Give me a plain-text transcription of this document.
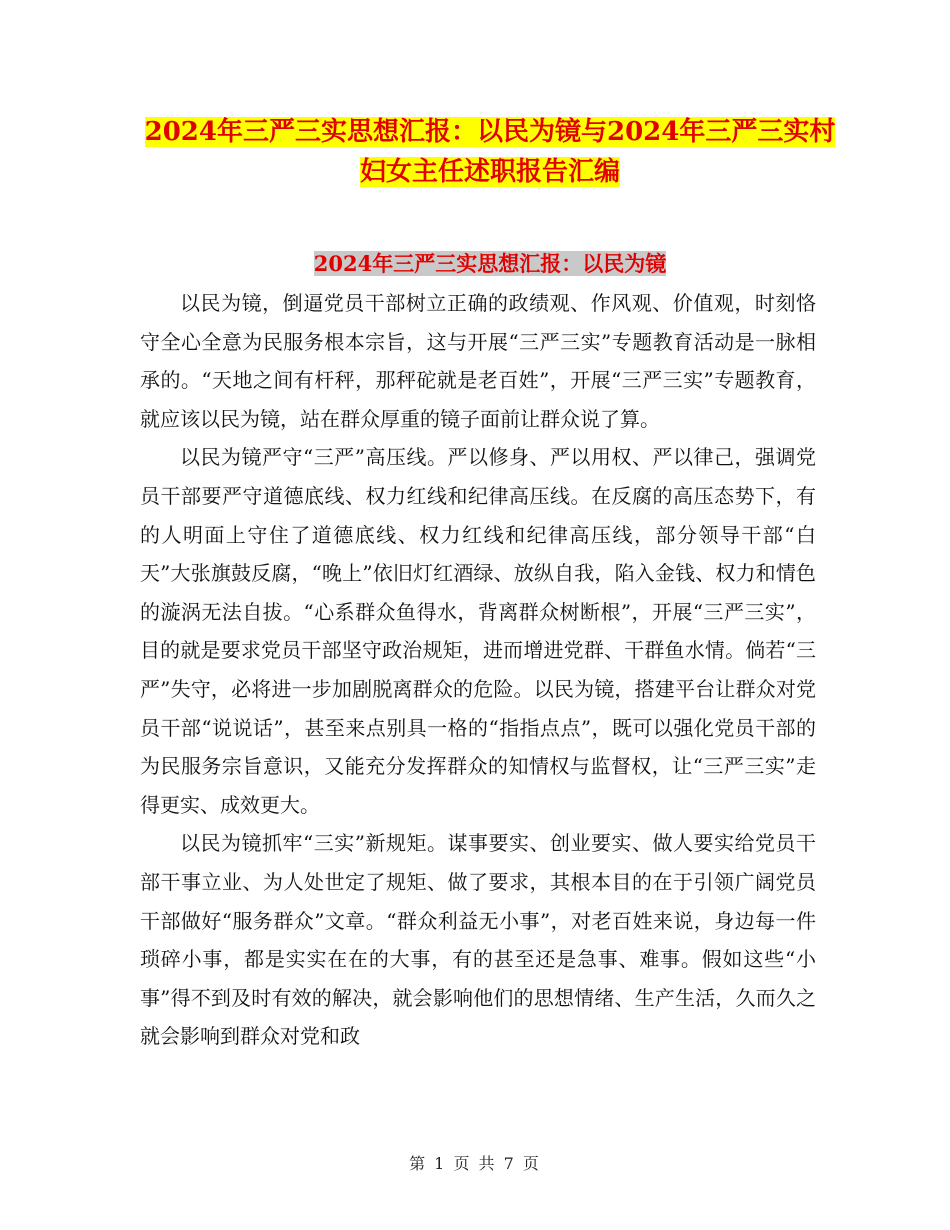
2024年三严三实思想汇报：以民为镜与2024年三严三实村妇女主任述职报告汇编
2024年三严三实思想汇报：以民为镜

以民为镜，倒逼党员干部树立正确的政绩观、作风观、价值观，时刻恪守全心全意为民服务根本宗旨，这与开展“三严三实”专题教育活动是一脉相承的。“天地之间有杆秤，那秤砣就是老百姓”，开展“三严三实”专题教育，就应该以民为镜，站在群众厚重的镜子面前让群众说了算。

以民为镜严守“三严”高压线。严以修身、严以用权、严以律己，强调党员干部要严守道德底线、权力红线和纪律高压线。在反腐的高压态势下，有的人明面上守住了道德底线、权力红线和纪律高压线，部分领导干部“白天”大张旗鼓反腐，“晚上”依旧灯红酒绿、放纵自我，陷入金钱、权力和情色的漩涡无法自拔。“心系群众鱼得水，背离群众树断根”，开展“三严三实”，目的就是要求党员干部坚守政治规矩，进而增进党群、干群鱼水情。倘若“三严”失守，必将进一步加剧脱离群众的危险。以民为镜，搭建平台让群众对党员干部“说说话”，甚至来点别具一格的“指指点点”，既可以强化党员干部的为民服务宗旨意识，又能充分发挥群众的知情权与监督权，让“三严三实”走得更实、成效更大。

以民为镜抓牢“三实”新规矩。谋事要实、创业要实、做人要实给党员干部干事立业、为人处世定了规矩、做了要求，其根本目的在于引领广阔党员干部做好“服务群众”文章。“群众利益无小事”，对老百姓来说，身边每一件琐碎小事，都是实实在在的大事，有的甚至还是急事、难事。假如这些“小事”得不到及时有效的解决，就会影响他们的思想情绪、生产生活，久而久之就会影响到群众对党和政

第 1 页 共 7 页
